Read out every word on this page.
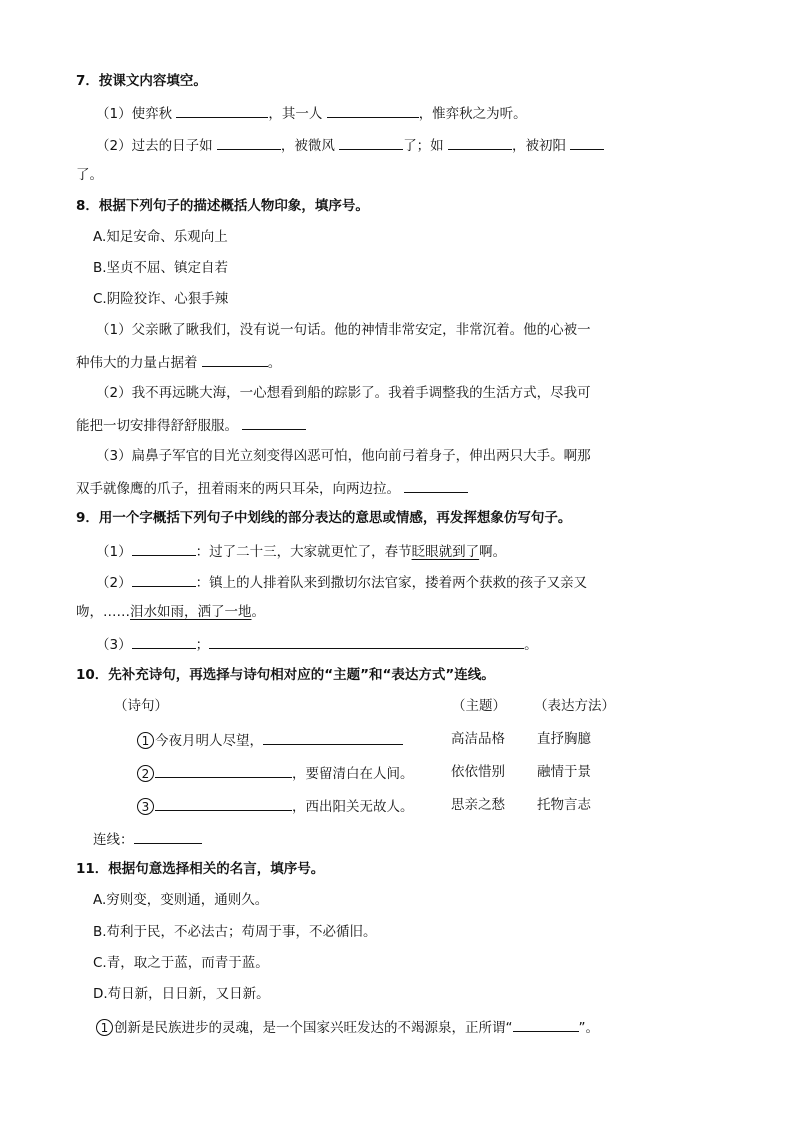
7．按课文内容填空。
（1）使弈秋	，其一人	，惟弈秋之为听。
（2）过去的日子如	，被微风	了；如	，被初阳
了。
8．根据下列句子的描述概括人物印象，填序号。
A.知足安命、乐观向上
B.坚贞不屈、镇定自若
C.阴险狡诈、心狠手辣
（1）父亲瞅了瞅我们，没有说一句话。他的神情非常安定，非常沉着。他的心被一
种伟大的力量占据着	。
（2）我不再远眺大海，一心想看到船的踪影了。我着手调整我的生活方式，尽我可
能把一切安排得舒舒服服。
（3）扁鼻子军官的目光立刻变得凶恶可怕，他向前弓着身子，伸出两只大手。啊那
双手就像鹰的爪子，扭着雨来的两只耳朵，向两边拉。
9．用一个字概括下列句子中划线的部分表达的意思或情感，再发挥想象仿写句子。
（1）	：过了二十三，大家就更忙了，春节眨眼就到了啊。
（2）	：镇上的人排着队来到撒切尔法官家，搂着两个获救的孩子又亲又
吻，……泪水如雨，洒了一地。
（3）	；	。
10．先补充诗句，再选择与诗句相对应的“主题”和“表达方式”连线。
（诗句）	（主题） （表达方法）
1 今夜月明人尽望，	高洁品格 直抒胸臆
2	，要留清白在人间。	依依惜别 融情于景
3	，西出阳关无故人。	思亲之愁 托物言志
连线：
11．根据句意选择相关的名言，填序号。
A.穷则变，变则通，通则久。
B.苟利于民，不必法古；苟周于事，不必循旧。
C.青，取之于蓝，而青于蓝。
D.苟日新，日日新，又日新。
1 创新是民族进步的灵魂，是一个国家兴旺发达的不竭源泉，正所谓“	”。
